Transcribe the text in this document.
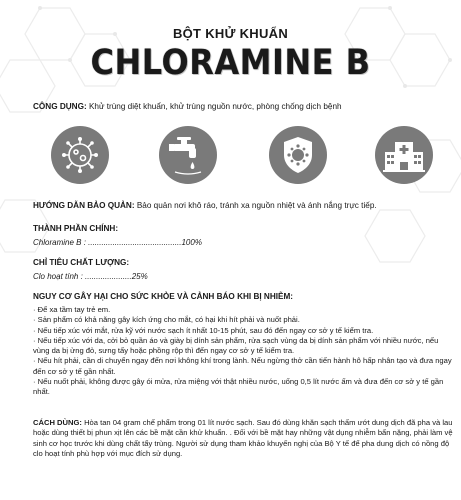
BỘT KHỬ KHUẨN
CHLORAMINE B
CÔNG DỤNG: Khử trùng diệt khuẩn, khử trùng nguồn nước, phòng chống dịch bệnh
HƯỚNG DẪN BẢO QUẢN: Bảo quản nơi khô ráo, tránh xa nguồn nhiệt và ánh nắng trực tiếp.
THÀNH PHẦN CHÍNH:
Chloramine B : ..........................................100%
CHỈ TIÊU CHẤT LƯỢNG:
Clo hoạt tính : .....................25%
NGUY CƠ GÂY HẠI CHO SỨC KHỎE VÀ CẢNH BÁO KHI BỊ NHIỄM:
· Để xa tầm tay trẻ em.
· Sản phẩm có khả năng gây kích ứng cho mắt, có hại khi hít phải và nuốt phải.
· Nếu tiếp xúc với mắt, rửa kỹ với nước sạch ít nhất 10-15 phút, sau đó đến ngay cơ sở y tế kiểm tra.
· Nếu tiếp xúc với da, cởi bỏ quần áo và giày bị dính sản phẩm, rửa sạch vùng da bị dính sản phẩm với nhiều nước, nếu vùng da bị ửng đỏ, sưng tấy hoặc phồng rộp thì đến ngay cơ sở y tế kiểm tra.
· Nếu hít phải, cần di chuyển ngay đến nơi không khí trong lành. Nếu ngừng thở cần tiến hành hô hấp nhân tạo và đưa ngay đến cơ sở y tế gần nhất.
· Nếu nuốt phải, không được gây ói mửa, rửa miệng với thật nhiều nước, uống 0,5 lít nước ấm và đưa đến cơ sở y tế gần nhất.
CÁCH DÙNG: Hòa tan 04 gram chế phẩm trong 01 lít nước sạch. Sau đó dùng khăn sạch thấm ướt dung dịch đã pha và lau hoặc dùng thiết bị phun xịt lên các bề mặt cần khử khuẩn. . Đối với bề mặt hay những vật dụng nhiễm bẩn nặng, phải làm vệ sinh cơ học trước khi dùng chất tẩy trùng. Người sử dụng tham khảo khuyến nghị của Bộ Y tế để pha dung dịch có nồng độ clo hoạt tính phù hợp với mục đích sử dụng.
